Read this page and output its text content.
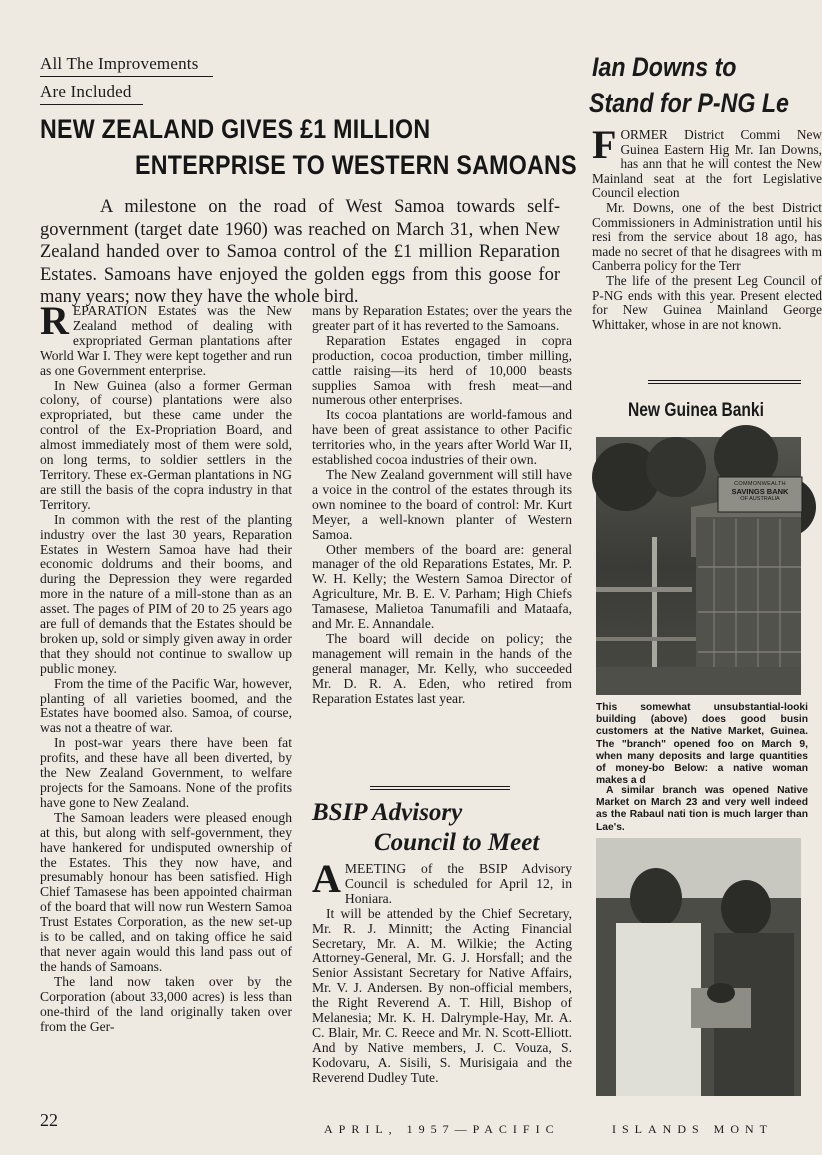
All The Improvements
Are Included
NEW ZEALAND GIVES £1 MILLION
ENTERPRISE TO WESTERN SAMOANS
A milestone on the road of West Samoa towards self-government (target date 1960) was reached on March 31, when New Zealand handed over to Samoa control of the £1 million Reparation Estates. Samoans have enjoyed the golden eggs from this goose for many years; now they have the whole bird.

REPARATION Estates was the New Zealand method of dealing with expropriated German plantations after World War I. They were kept together and run as one Government enterprise.

In New Guinea (also a former German colony, of course) plantations were also expropriated, but these came under the control of the Ex-Propriation Board, and almost immediately most of them were sold, on long terms, to soldier settlers in the Territory. These ex-German plantations in NG are still the basis of the copra industry in that Territory.

In common with the rest of the planting industry over the last 30 years, Reparation Estates in Western Samoa have had their economic doldrums and their booms, and during the Depression they were regarded more in the nature of a mill-stone than as an asset. The pages of PIM of 20 to 25 years ago are full of demands that the Estates should be broken up, sold or simply given away in order that they should not continue to swallow up public money.

From the time of the Pacific War, however, planting of all varieties boomed, and the Estates have boomed also. Samoa, of course, was not a theatre of war.

In post-war years there have been fat profits, and these have all been diverted, by the New Zealand Government, to welfare projects for the Samoans. None of the profits have gone to New Zealand.

The Samoan leaders were pleased enough at this, but along with self-government, they have hankered for undisputed ownership of the Estates. This they now have, and presumably honour has been satisfied. High Chief Tamasese has been appointed chairman of the board that will now run Western Samoa Trust Estates Corporation, as the new set-up is to be called, and on taking office he said that never again would this land pass out of the hands of Samoans.

The land now taken over by the Corporation (about 33,000 acres) is less than one-third of the land originally taken over from the Ger-

mans by Reparation Estates; over the years the greater part of it has reverted to the Samoans.

Reparation Estates engaged in copra production, cocoa production, timber milling, cattle raising—its herd of 10,000 beasts supplies Samoa with fresh meat—and numerous other enterprises.

Its cocoa plantations are world-famous and have been of great assistance to other Pacific territories who, in the years after World War II, established cocoa industries of their own.

The New Zealand government will still have a voice in the control of the estates through its own nominee to the board of control: Mr. Kurt Meyer, a well-known planter of Western Samoa.

Other members of the board are: general manager of the old Reparations Estates, Mr. P. W. H. Kelly; the Western Samoa Director of Agriculture, Mr. B. E. V. Parham; High Chiefs Tamasese, Malietoa Tanumafili and Mataafa, and Mr. E. Annandale.

The board will decide on policy; the management will remain in the hands of the general manager, Mr. Kelly, who succeeded Mr. D. R. A. Eden, who retired from Reparation Estates last year.

BSIP Advisory
Council to Meet

AMEETING of the BSIP Advisory Council is scheduled for April 12, in Honiara.

It will be attended by the Chief Secretary, Mr. R. J. Minnitt; the Acting Financial Secretary, Mr. A. M. Wilkie; the Acting Attorney-General, Mr. G. J. Horsfall; and the Senior Assistant Secretary for Native Affairs, Mr. V. J. Andersen. By non-official members, the Right Reverend A. T. Hill, Bishop of Melanesia; Mr. K. H. Dalrymple-Hay, Mr. A. C. Blair, Mr. C. Reece and Mr. N. Scott-Elliott. And by Native members, J. C. Vouza, S. Kodovaru, A. Sisili, S. Murisigaia and the Reverend Dudley Tute.

Ian Downs to
Stand for P-NG Le

FORMER District Commi New Guinea Eastern Hig Mr. Ian Downs, has ann that he will contest the New Mainland seat at the fort Legislative Council election

Mr. Downs, one of the best District Commissioners in Administration until his resi from the service about 18 ago, has made no secret of that he disagrees with m Canberra policy for the Terr

The life of the present Leg Council of P-NG ends with this year. Present elected for New Guinea Mainland George Whittaker, whose in are not known.

New Guinea Banki
COMMONWEALTH
SAVINGS BANK
OF AUSTRALIA

This somewhat unsubstantial-looki building (above) does good busin customers at the Native Market, Guinea. The "branch" opened foo on March 9, when many deposits and large quantities of money-bo Below: a native woman makes a d

A similar branch was opened Native Market on March 23 and very well indeed as the Rabaul nati tion is much larger than Lae's.

22	APRIL, 1957—PACIFIC	ISLANDS MONT
